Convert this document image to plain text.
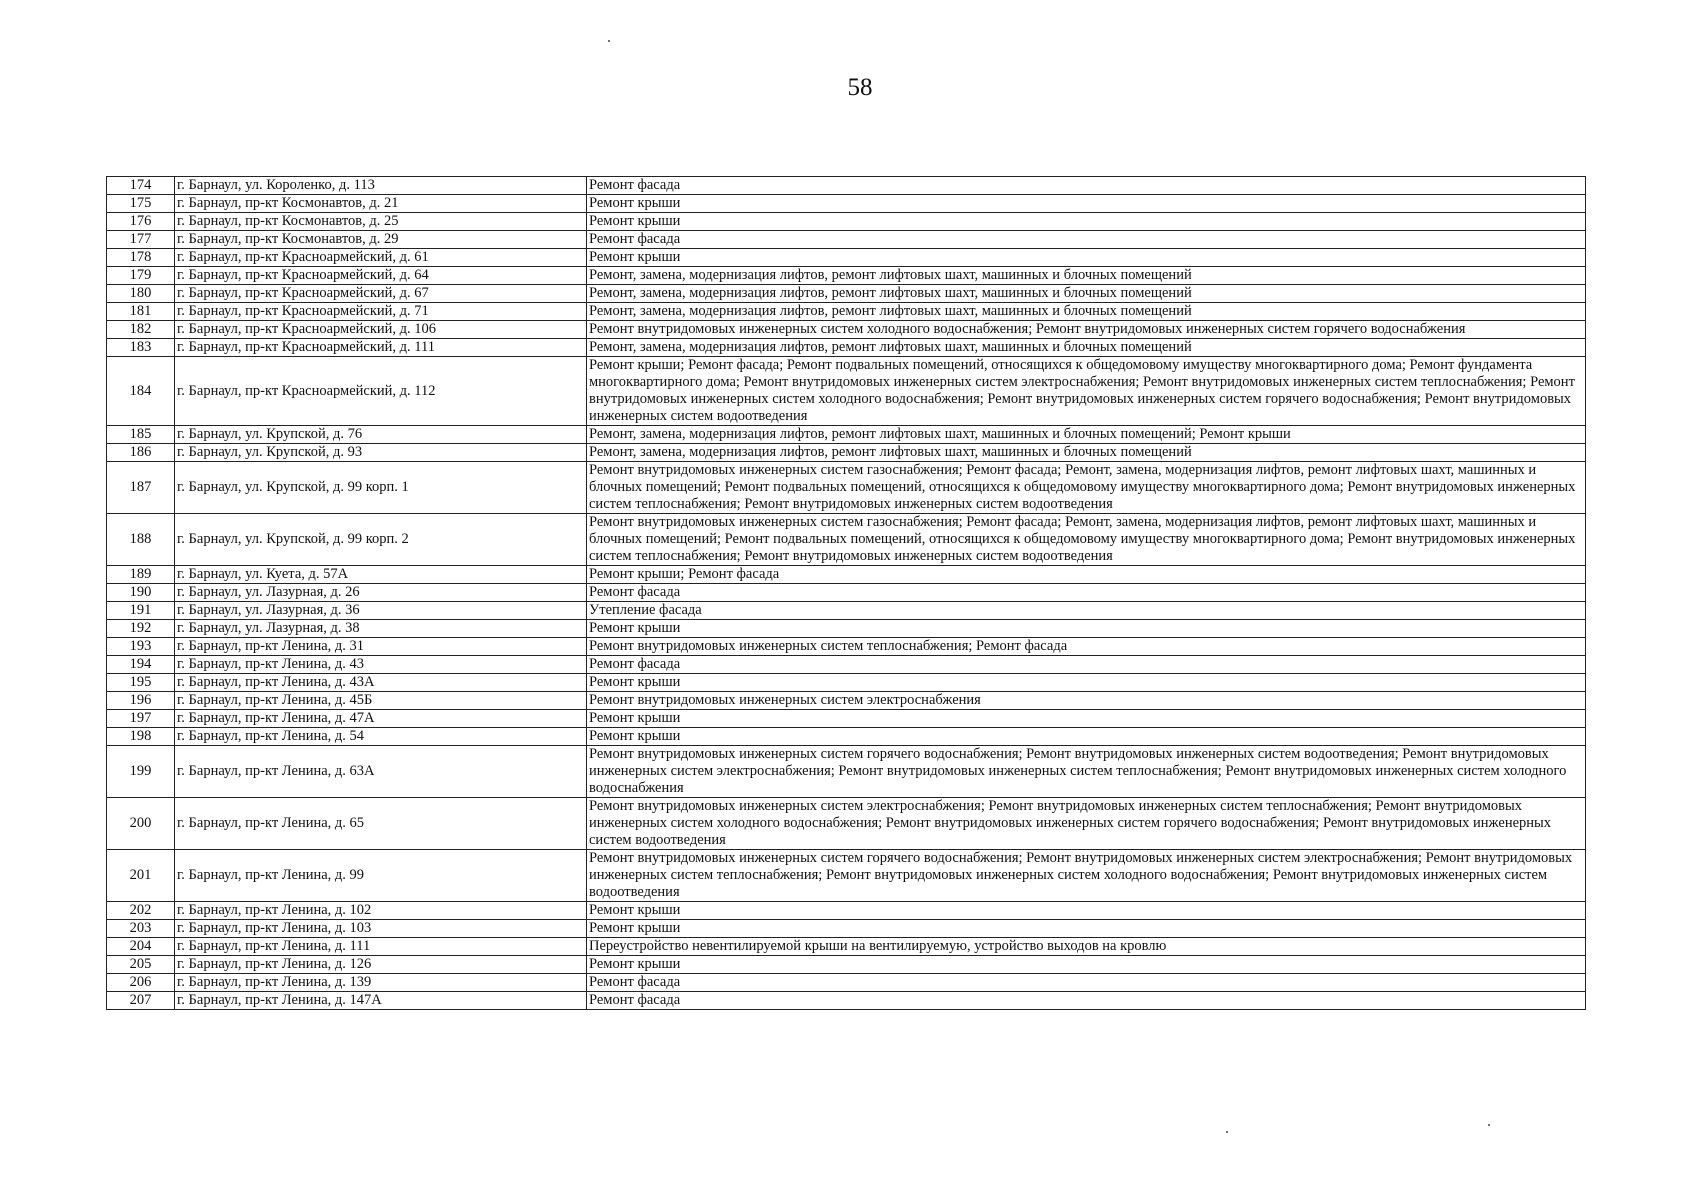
58
174	г. Барнаул, ул. Короленко, д. 113	Ремонт фасада
175	г. Барнаул, пр-кт Космонавтов, д. 21	Ремонт крыши
176	г. Барнаул, пр-кт Космонавтов, д. 25	Ремонт крыши
177	г. Барнаул, пр-кт Космонавтов, д. 29	Ремонт фасада
178	г. Барнаул, пр-кт Красноармейский, д. 61	Ремонт крыши
179	г. Барнаул, пр-кт Красноармейский, д. 64	Ремонт, замена, модернизация лифтов, ремонт лифтовых шахт, машинных и блочных помещений
180	г. Барнаул, пр-кт Красноармейский, д. 67	Ремонт, замена, модернизация лифтов, ремонт лифтовых шахт, машинных и блочных помещений
181	г. Барнаул, пр-кт Красноармейский, д. 71	Ремонт, замена, модернизация лифтов, ремонт лифтовых шахт, машинных и блочных помещений
182	г. Барнаул, пр-кт Красноармейский, д. 106	Ремонт внутридомовых инженерных систем холодного водоснабжения; Ремонт внутридомовых инженерных систем горячего водоснабжения
183	г. Барнаул, пр-кт Красноармейский, д. 111	Ремонт, замена, модернизация лифтов, ремонт лифтовых шахт, машинных и блочных помещений
184	г. Барнаул, пр-кт Красноармейский, д. 112	Ремонт крыши; Ремонт фасада; Ремонт подвальных помещений, относящихся к общедомовому имуществу многоквартирного дома; Ремонт фундамента многоквартирного дома; Ремонт внутридомовых инженерных систем электроснабжения; Ремонт внутридомовых инженерных систем теплоснабжения; Ремонт внутридомовых инженерных систем холодного водоснабжения; Ремонт внутридомовых инженерных систем горячего водоснабжения; Ремонт внутридомовых инженерных систем водоотведения
185	г. Барнаул, ул. Крупской, д. 76	Ремонт, замена, модернизация лифтов, ремонт лифтовых шахт, машинных и блочных помещений; Ремонт крыши
186	г. Барнаул, ул. Крупской, д. 93	Ремонт, замена, модернизация лифтов, ремонт лифтовых шахт, машинных и блочных помещений
187	г. Барнаул, ул. Крупской, д. 99 корп. 1	Ремонт внутридомовых инженерных систем газоснабжения; Ремонт фасада; Ремонт, замена, модернизация лифтов, ремонт лифтовых шахт, машинных и блочных помещений; Ремонт подвальных помещений, относящихся к общедомовому имуществу многоквартирного дома; Ремонт внутридомовых инженерных систем теплоснабжения; Ремонт внутридомовых инженерных систем водоотведения
188	г. Барнаул, ул. Крупской, д. 99 корп. 2	Ремонт внутридомовых инженерных систем газоснабжения; Ремонт фасада; Ремонт, замена, модернизация лифтов, ремонт лифтовых шахт, машинных и блочных помещений; Ремонт подвальных помещений, относящихся к общедомовому имуществу многоквартирного дома; Ремонт внутридомовых инженерных систем теплоснабжения; Ремонт внутридомовых инженерных систем водоотведения
189	г. Барнаул, ул. Куета, д. 57А	Ремонт крыши; Ремонт фасада
190	г. Барнаул, ул. Лазурная, д. 26	Ремонт фасада
191	г. Барнаул, ул. Лазурная, д. 36	Утепление фасада
192	г. Барнаул, ул. Лазурная, д. 38	Ремонт крыши
193	г. Барнаул, пр-кт Ленина, д. 31	Ремонт внутридомовых инженерных систем теплоснабжения; Ремонт фасада
194	г. Барнаул, пр-кт Ленина, д. 43	Ремонт фасада
195	г. Барнаул, пр-кт Ленина, д. 43А	Ремонт крыши
196	г. Барнаул, пр-кт Ленина, д. 45Б	Ремонт внутридомовых инженерных систем электроснабжения
197	г. Барнаул, пр-кт Ленина, д. 47А	Ремонт крыши
198	г. Барнаул, пр-кт Ленина, д. 54	Ремонт крыши
199	г. Барнаул, пр-кт Ленина, д. 63А	Ремонт внутридомовых инженерных систем горячего водоснабжения; Ремонт внутридомовых инженерных систем водоотведения; Ремонт внутридомовых инженерных систем электроснабжения; Ремонт внутридомовых инженерных систем теплоснабжения; Ремонт внутридомовых инженерных систем холодного водоснабжения
200	г. Барнаул, пр-кт Ленина, д. 65	Ремонт внутридомовых инженерных систем электроснабжения; Ремонт внутридомовых инженерных систем теплоснабжения; Ремонт внутридомовых инженерных систем холодного водоснабжения; Ремонт внутридомовых инженерных систем горячего водоснабжения; Ремонт внутридомовых инженерных систем водоотведения
201	г. Барнаул, пр-кт Ленина, д. 99	Ремонт внутридомовых инженерных систем горячего водоснабжения; Ремонт внутридомовых инженерных систем электроснабжения; Ремонт внутридомовых инженерных систем теплоснабжения; Ремонт внутридомовых инженерных систем холодного водоснабжения; Ремонт внутридомовых инженерных систем водоотведения
202	г. Барнаул, пр-кт Ленина, д. 102	Ремонт крыши
203	г. Барнаул, пр-кт Ленина, д. 103	Ремонт крыши
204	г. Барнаул, пр-кт Ленина, д. 111	Переустройство невентилируемой крыши на вентилируемую, устройство выходов на кровлю
205	г. Барнаул, пр-кт Ленина, д. 126	Ремонт крыши
206	г. Барнаул, пр-кт Ленина, д. 139	Ремонт фасада
207	г. Барнаул, пр-кт Ленина, д. 147А	Ремонт фасада
